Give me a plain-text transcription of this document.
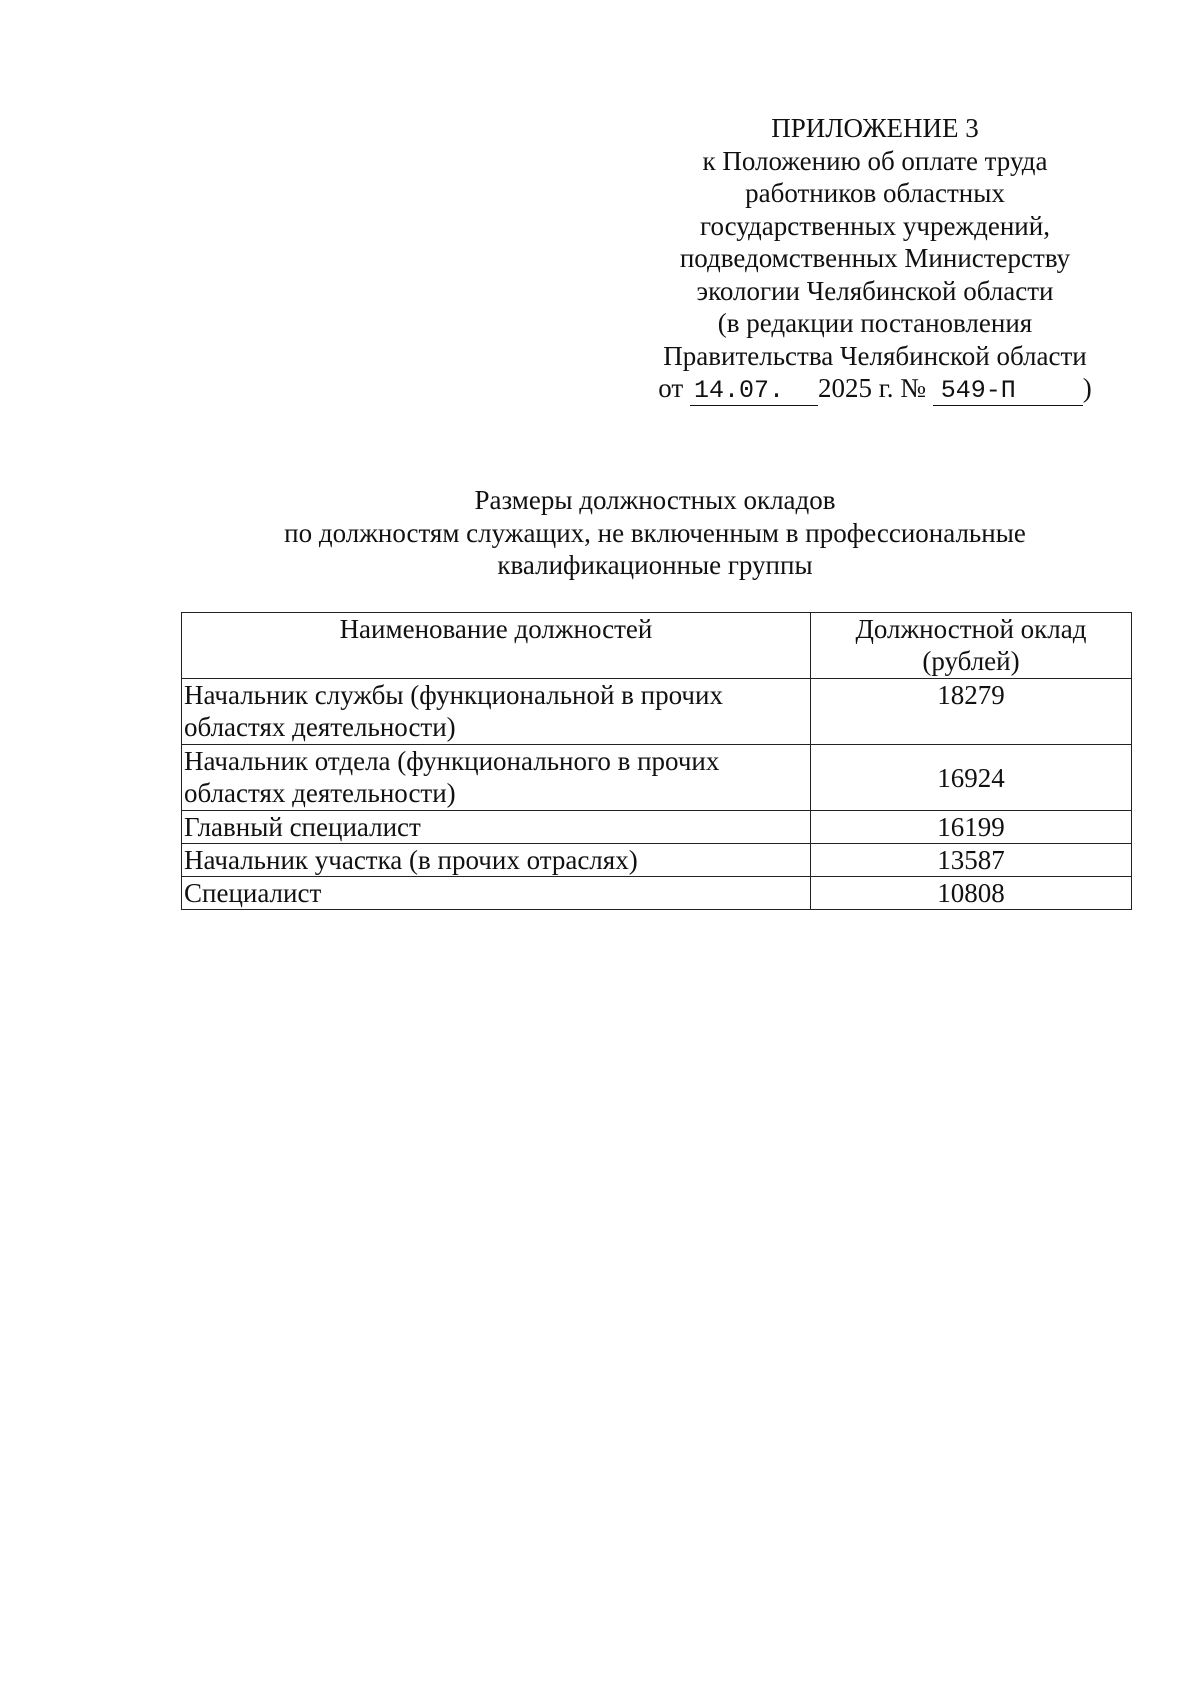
ПРИЛОЖЕНИЕ 3
к Положению об оплате труда
работников областных
государственных учреждений,
подведомственных Министерству
экологии Челябинской области
(в редакции постановления
Правительства Челябинской области
от 14.07. 2025 г. № 549-П )
Размеры должностных окладов
по должностям служащих, не включенным в профессиональные
квалификационные группы
Наименование должностей	Должностной оклад
(рублей)
Начальник службы (функциональной в прочих
областях деятельности)	18279
Начальник отдела (функционального в прочих
областях деятельности)	16924
Главный специалист	16199
Начальник участка (в прочих отраслях)	13587
Специалист	10808
